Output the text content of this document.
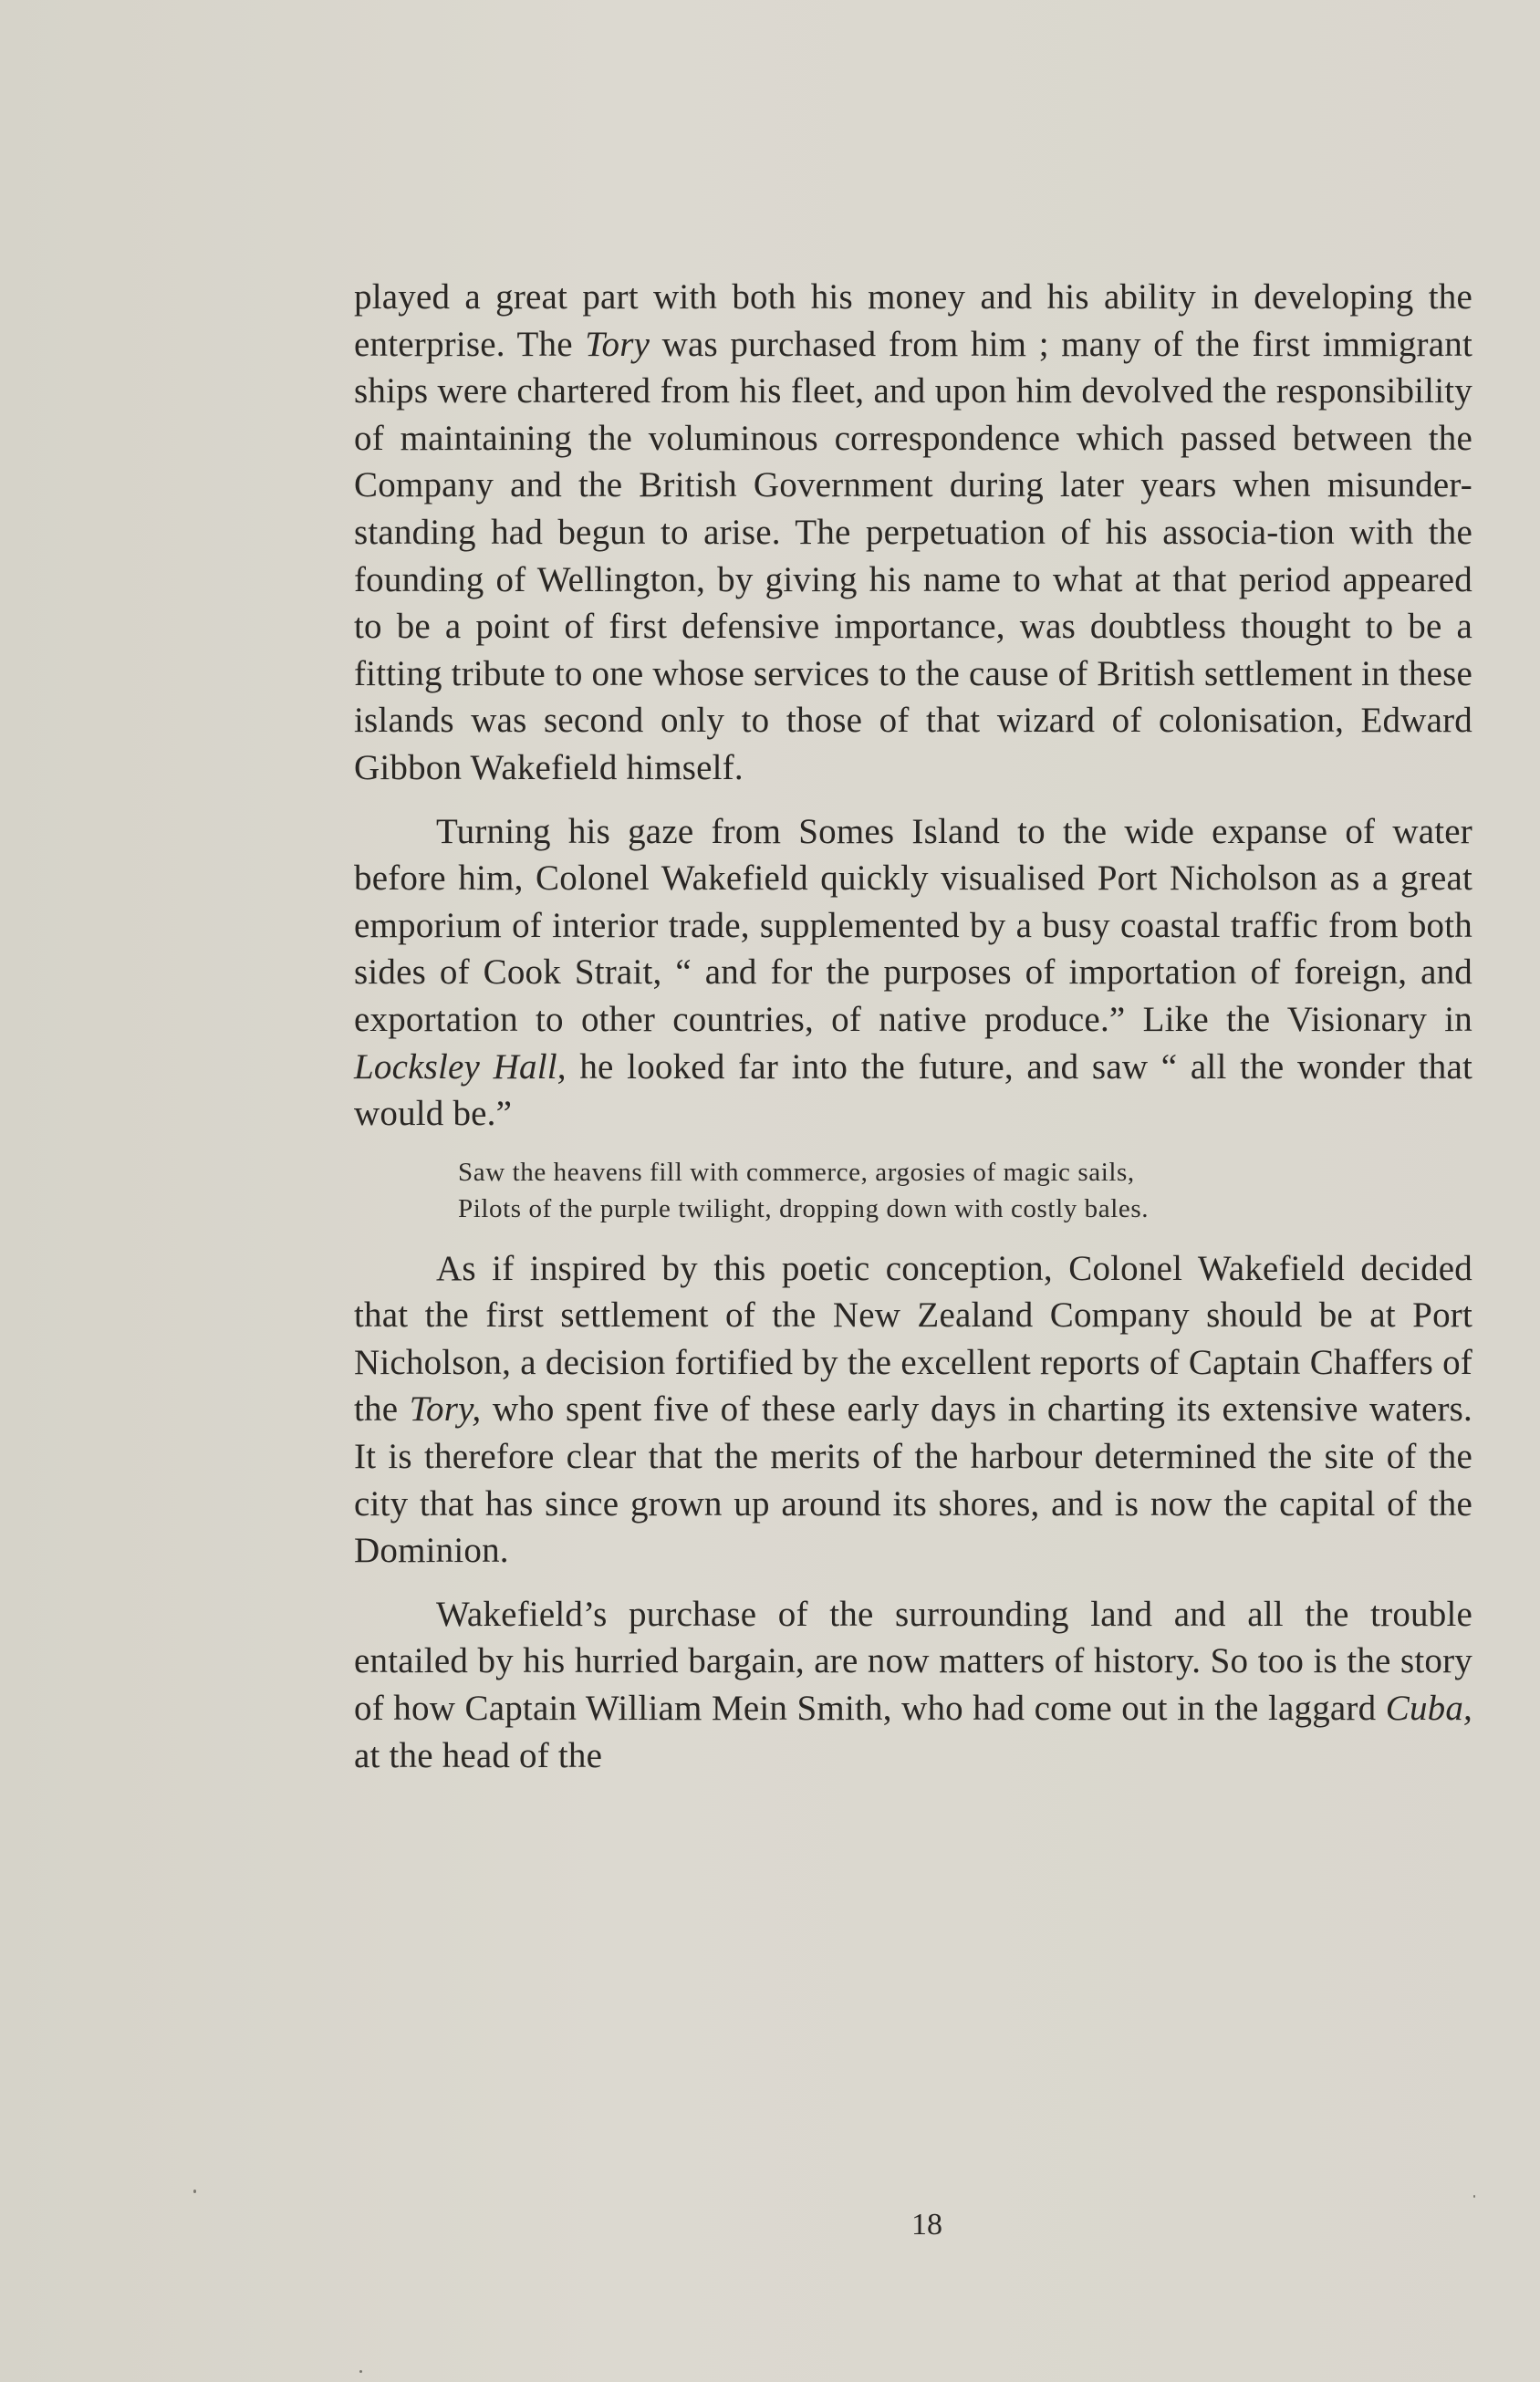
played a great part with both his money and his ability in developing the enterprise. The Tory was purchased from him ; many of the first immigrant ships were chartered from his fleet, and upon him devolved the responsibility of maintaining the voluminous correspondence which passed between the Company and the British Government during later years when misunder-standing had begun to arise. The perpetuation of his associa-tion with the founding of Wellington, by giving his name to what at that period appeared to be a point of first defensive importance, was doubtless thought to be a fitting tribute to one whose services to the cause of British settlement in these islands was second only to those of that wizard of colonisation, Edward Gibbon Wakefield himself.

Turning his gaze from Somes Island to the wide expanse of water before him, Colonel Wakefield quickly visualised Port Nicholson as a great emporium of interior trade, supplemented by a busy coastal traffic from both sides of Cook Strait, “ and for the purposes of importation of foreign, and exportation to other countries, of native produce.” Like the Visionary in Locksley Hall, he looked far into the future, and saw “ all the wonder that would be.”

Saw the heavens fill with commerce, argosies of magic sails,
Pilots of the purple twilight, dropping down with costly bales.

As if inspired by this poetic conception, Colonel Wakefield decided that the first settlement of the New Zealand Company should be at Port Nicholson, a decision fortified by the excellent reports of Captain Chaffers of the Tory, who spent five of these early days in charting its extensive waters. It is therefore clear that the merits of the harbour determined the site of the city that has since grown up around its shores, and is now the capital of the Dominion.

Wakefield’s purchase of the surrounding land and all the trouble entailed by his hurried bargain, are now matters of history. So too is the story of how Captain William Mein Smith, who had come out in the laggard Cuba, at the head of the

18
